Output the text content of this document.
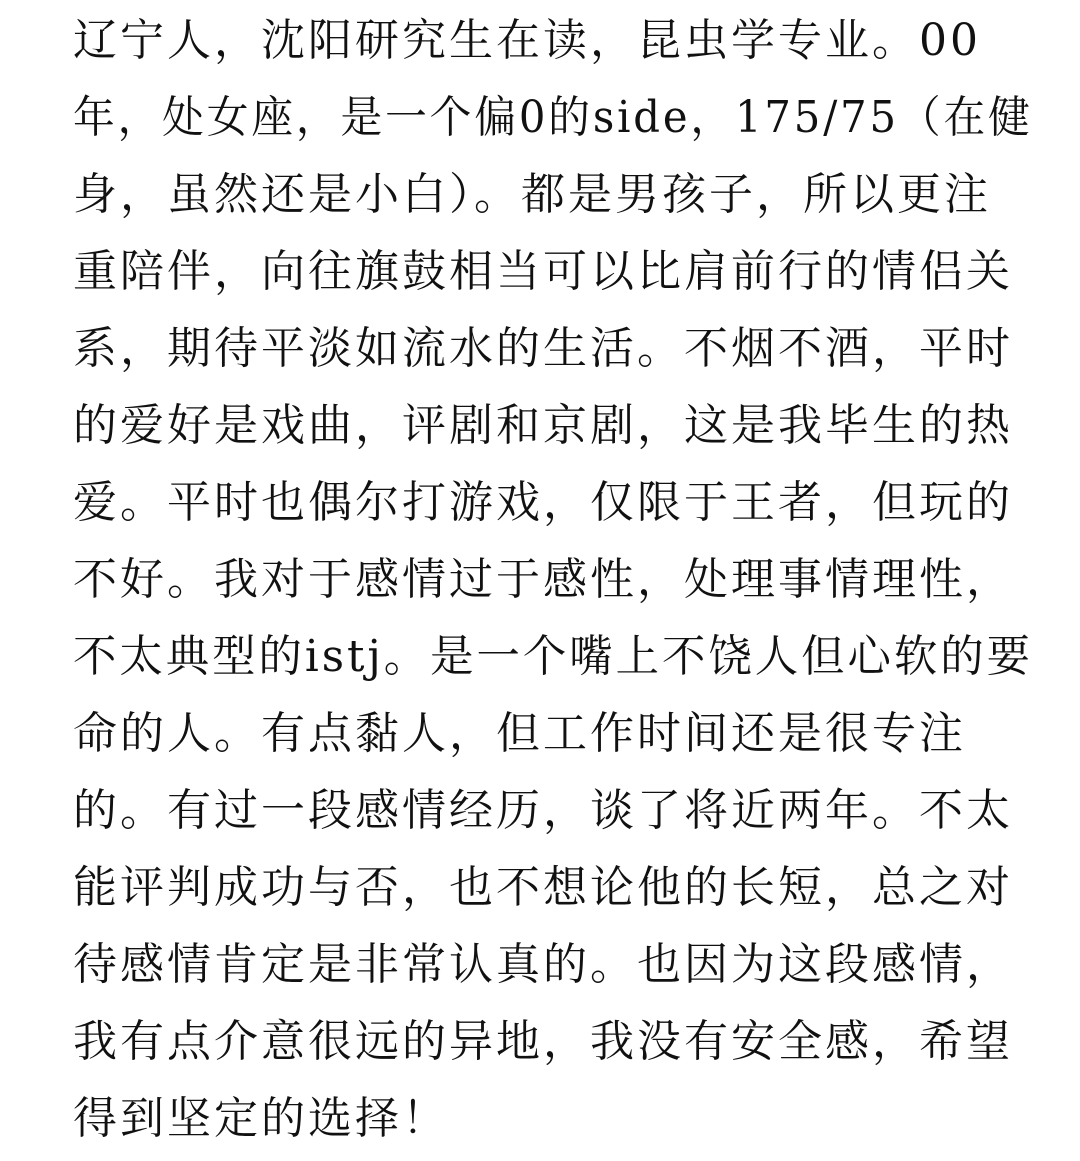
辽宁人，沈阳研究生在读，昆虫学专业。00
年，处女座，是一个偏0的side，175/75（在健
身，虽然还是小白）。都是男孩子，所以更注
重陪伴，向往旗鼓相当可以比肩前行的情侣关
系，期待平淡如流水的生活。不烟不酒，平时
的爱好是戏曲，评剧和京剧，这是我毕生的热
爱。平时也偶尔打游戏，仅限于王者，但玩的
不好。我对于感情过于感性，处理事情理性，
不太典型的istj。是一个嘴上不饶人但心软的要
命的人。有点黏人，但工作时间还是很专注
的。有过一段感情经历，谈了将近两年。不太
能评判成功与否，也不想论他的长短，总之对
待感情肯定是非常认真的。也因为这段感情，
我有点介意很远的异地，我没有安全感，希望
得到坚定的选择！
